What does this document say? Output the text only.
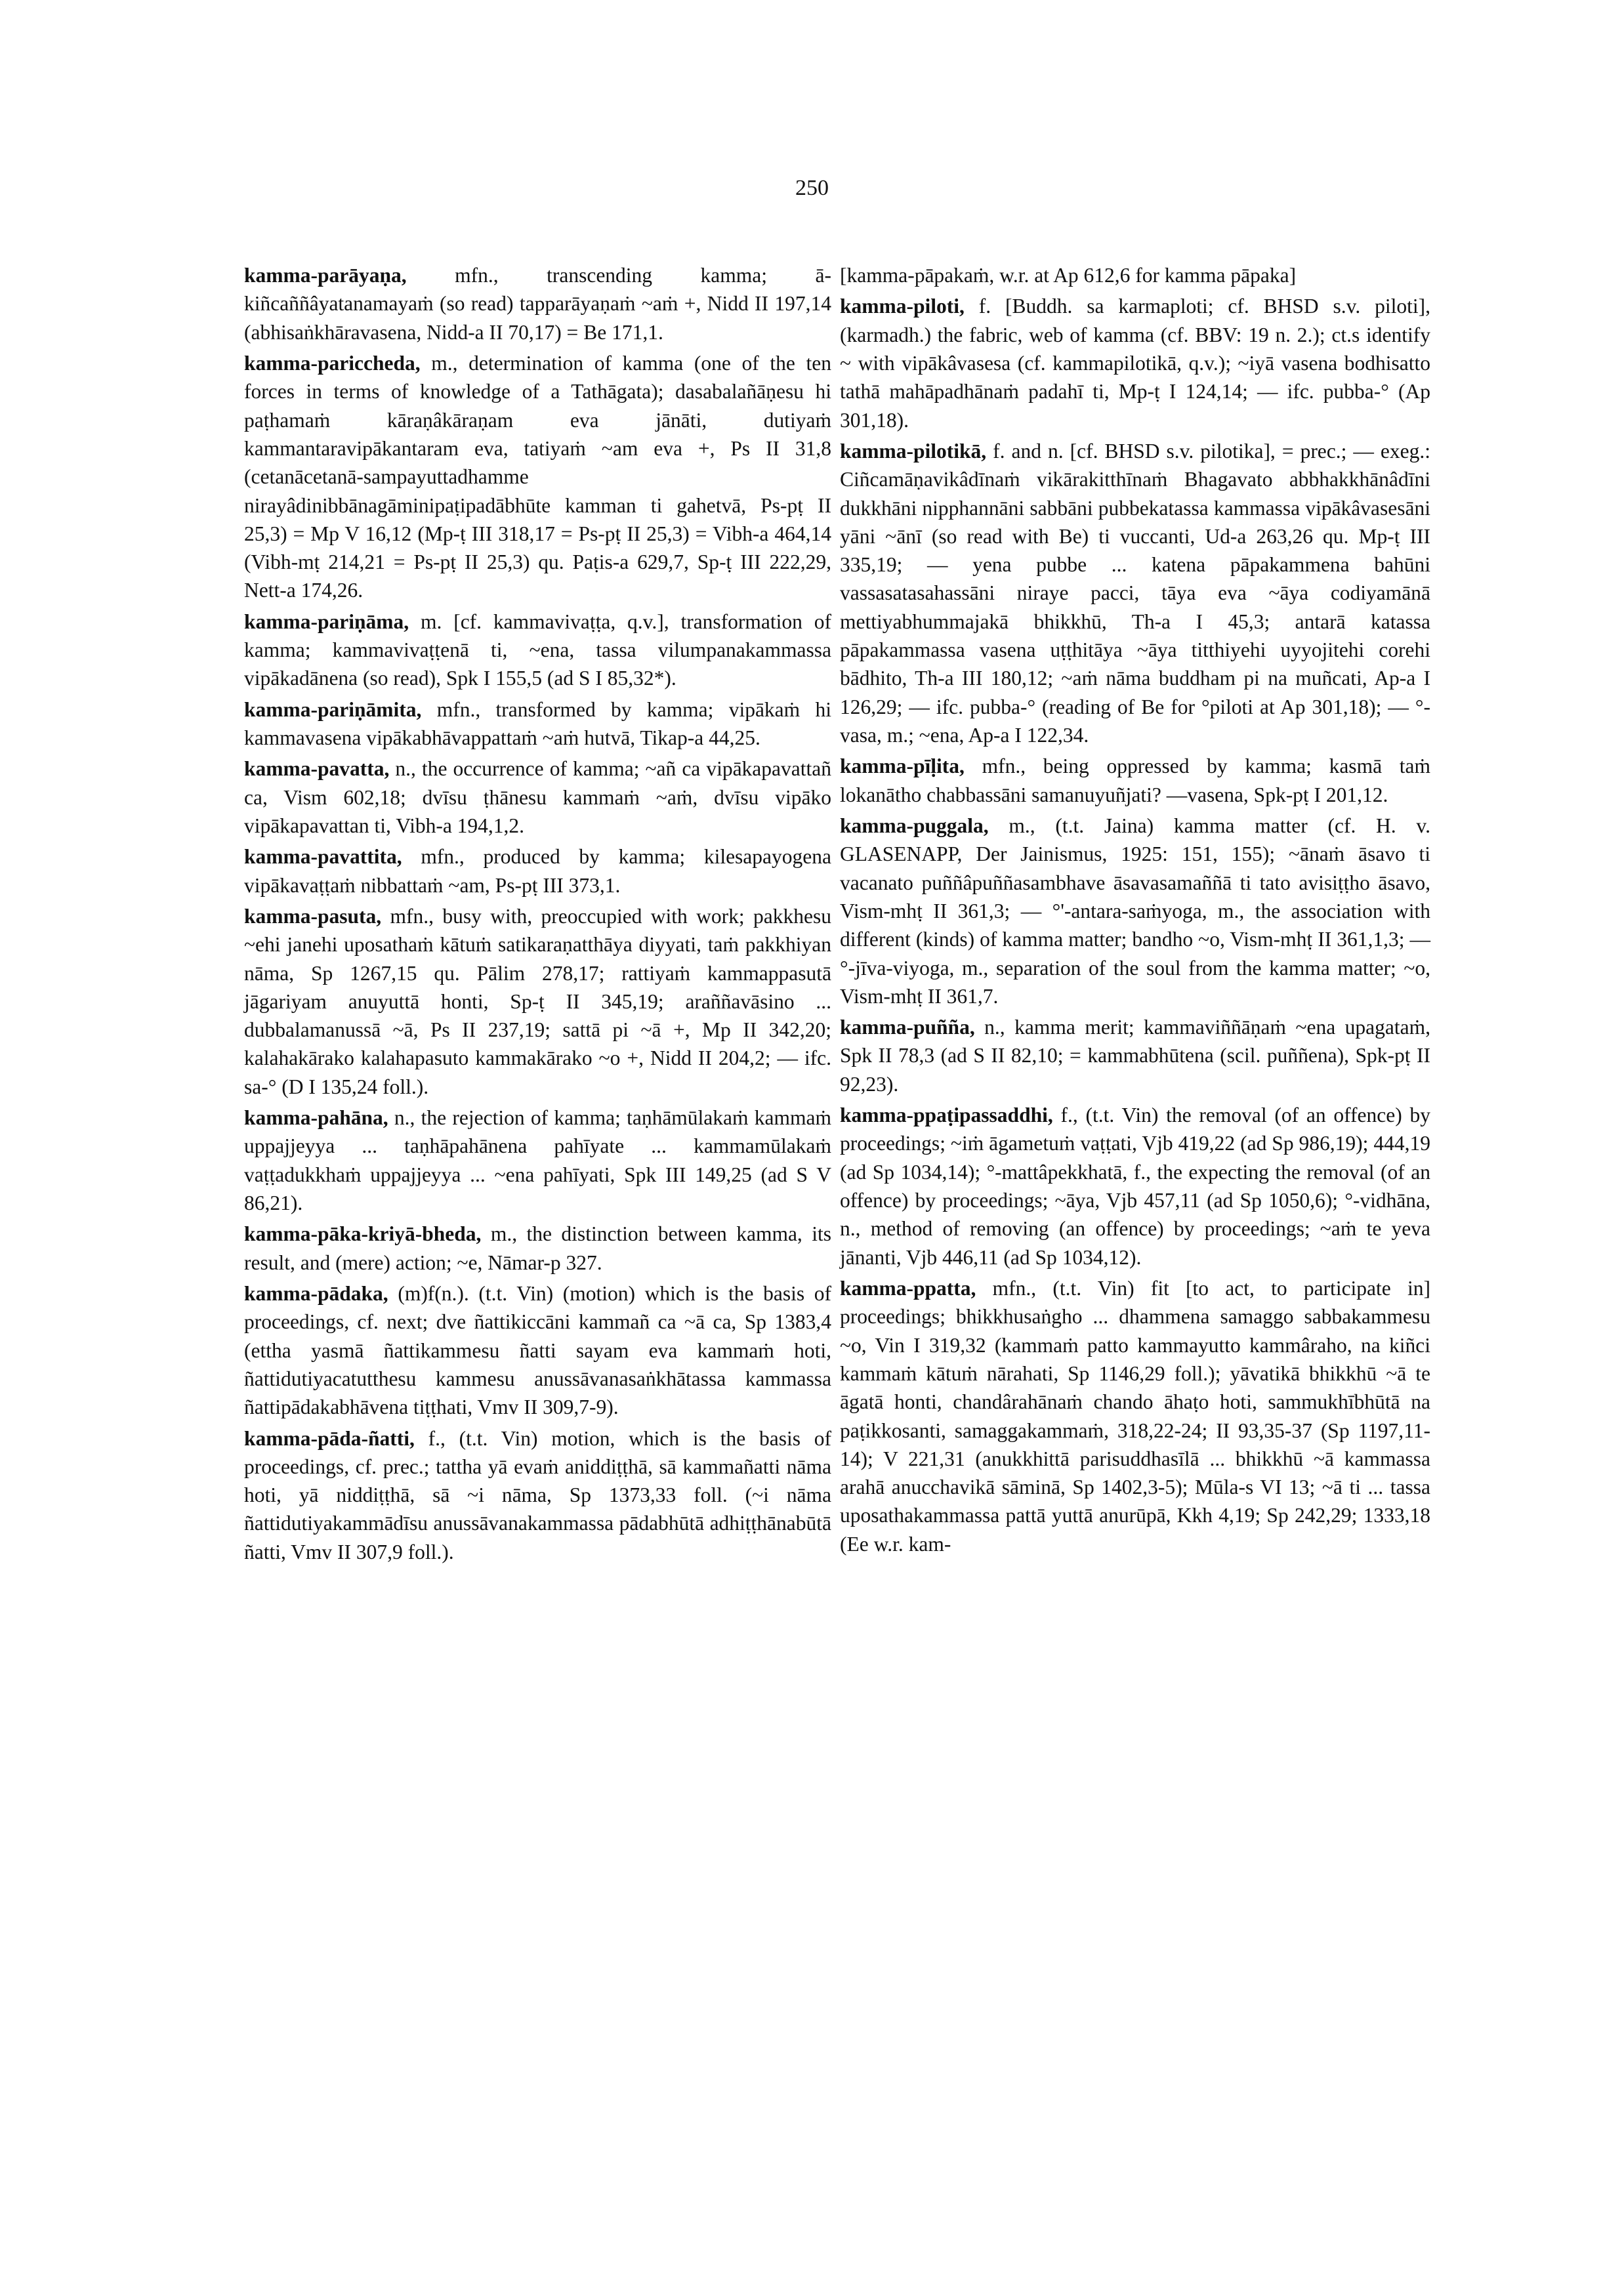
250

kamma-parāyaṇa, mfn., transcending kamma; ā-kiñcaññâyatanamayaṁ (so read) tapparāyaṇaṁ ~aṁ +, Nidd II 197,14 (abhisaṅkhāravasena, Nidd-a II 70,17) = Be 171,1.

kamma-pariccheda, m., determination of kamma (one of the ten forces in terms of knowledge of a Tathāgata); dasabalañāṇesu hi paṭhamaṁ kāraṇâkāraṇam eva jānāti, dutiyaṁ kammantaravipākantaram eva, tatiyaṁ ~am eva +, Ps II 31,8 (cetanācetanā-sampayuttadhamme nirayâdinibbānagāminipaṭipadābhūte kamman ti gahetvā, Ps-pṭ II 25,3) = Mp V 16,12 (Mp-ṭ III 318,17 = Ps-pṭ II 25,3) = Vibh-a 464,14 (Vibh-mṭ 214,21 = Ps-pṭ II 25,3) qu. Paṭis-a 629,7, Sp-ṭ III 222,29, Nett-a 174,26.

kamma-pariṇāma, m. [cf. kammavivaṭṭa, q.v.], transformation of kamma; kammavivaṭṭenā ti, ~ena, tassa vilumpanakammassa vipākadānena (so read), Spk I 155,5 (ad S I 85,32*).

kamma-pariṇāmita, mfn., transformed by kamma; vipākaṁ hi kammavasena vipākabhāvappattaṁ ~aṁ hutvā, Tikap-a 44,25.

kamma-pavatta, n., the occurrence of kamma; ~añ ca vipākapavattañ ca, Vism 602,18; dvīsu ṭhānesu kammaṁ ~aṁ, dvīsu vipāko vipākapavattan ti, Vibh-a 194,1,2.

kamma-pavattita, mfn., produced by kamma; kilesapayogena vipākavaṭṭaṁ nibbattaṁ ~am, Ps-pṭ III 373,1.

kamma-pasuta, mfn., busy with, preoccupied with work; pakkhesu ~ehi janehi uposathaṁ kātuṁ satikaraṇatthāya diyyati, taṁ pakkhiyan nāma, Sp 1267,15 qu. Pālim 278,17; rattiyaṁ kammappasutā jāgariyam anuyuttā honti, Sp-ṭ II 345,19; araññavāsino ... dubbalamanussā ~ā, Ps II 237,19; sattā pi ~ā +, Mp II 342,20; kalahakārako kalahapasuto kammakārako ~o +, Nidd II 204,2; — ifc. sa-° (D I 135,24 foll.).

kamma-pahāna, n., the rejection of kamma; taṇhāmūlakaṁ kammaṁ uppajjeyya ... taṇhāpahānena pahīyate ... kammamūlakaṁ vaṭṭadukkhaṁ uppajjeyya ... ~ena pahīyati, Spk III 149,25 (ad S V 86,21).

kamma-pāka-kriyā-bheda, m., the distinction between kamma, its result, and (mere) action; ~e, Nāmar-p 327.

kamma-pādaka, (m)f(n.). (t.t. Vin) (motion) which is the basis of proceedings, cf. next; dve ñattikiccāni kammañ ca ~ā ca, Sp 1383,4 (ettha yasmā ñattikammesu ñatti sayam eva kammaṁ hoti, ñattidutiyacatutthesu kammesu anussāvanasaṅkhātassa kammassa ñattipādakabhāvena tiṭṭhati, Vmv II 309,7-9).

kamma-pāda-ñatti, f., (t.t. Vin) motion, which is the basis of proceedings, cf. prec.; tattha yā evaṁ aniddiṭṭhā, sā kammañatti nāma hoti, yā niddiṭṭhā, sā ~i nāma, Sp 1373,33 foll. (~i nāma ñattidutiyakammādīsu anussāvanakammassa pādabhūtā adhiṭṭhānabūtā ñatti, Vmv II 307,9 foll.).

[kamma-pāpakaṁ, w.r. at Ap 612,6 for kamma pāpaka]

kamma-piloti, f. [Buddh. sa karmaploti; cf. BHSD s.v. piloti], (karmadh.) the fabric, web of kamma (cf. BBV: 19 n. 2.); ct.s identify ~ with vipākâvasesa (cf. kammapilotikā, q.v.); ~iyā vasena bodhisatto tathā mahāpadhānaṁ padahī ti, Mp-ṭ I 124,14; — ifc. pubba-° (Ap 301,18).

kamma-pilotikā, f. and n. [cf. BHSD s.v. pilotika], = prec.; — exeg.: Ciñcamāṇavikâdīnaṁ vikārakitthīnaṁ Bhagavato abbhakkhānâdīni dukkhāni nipphannāni sabbāni pubbekatassa kammassa vipākâvasesāni yāni ~ānī (so read with Be) ti vuccanti, Ud-a 263,26 qu. Mp-ṭ III 335,19; — yena pubbe ... katena pāpakammena bahūni vassasatasahassāni niraye pacci, tāya eva ~āya codiyamānā mettiyabhummajakā bhikkhū, Th-a I 45,3; antarā katassa pāpakammassa vasena uṭṭhitāya ~āya titthiyehi uyyojitehi corehi bādhito, Th-a III 180,12; ~aṁ nāma buddham pi na muñcati, Ap-a I 126,29; — ifc. pubba-° (reading of Be for °piloti at Ap 301,18); — °-vasa, m.; ~ena, Ap-a I 122,34.

kamma-pīḷita, mfn., being oppressed by kamma; kasmā taṁ lokanātho chabbassāni samanuyuñjati? —vasena, Spk-pṭ I 201,12.

kamma-puggala, m., (t.t. Jaina) kamma matter (cf. H. v. GLASENAPP, Der Jainismus, 1925: 151, 155); ~ānaṁ āsavo ti vacanato puññâpuññasambhave āsavasamaññā ti tato avisiṭṭho āsavo, Vism-mhṭ II 361,3; — °'-antara-saṁyoga, m., the association with different (kinds) of kamma matter; bandho ~o, Vism-mhṭ II 361,1,3; — °-jīva-viyoga, m., separation of the soul from the kamma matter; ~o, Vism-mhṭ II 361,7.

kamma-puñña, n., kamma merit; kammaviññāṇaṁ ~ena upagataṁ, Spk II 78,3 (ad S II 82,10; = kammabhūtena (scil. puññena), Spk-pṭ II 92,23).

kamma-ppaṭipassaddhi, f., (t.t. Vin) the removal (of an offence) by proceedings; ~iṁ āgametuṁ vaṭṭati, Vjb 419,22 (ad Sp 986,19); 444,19 (ad Sp 1034,14); °-mattâpekkhatā, f., the expecting the removal (of an offence) by proceedings; ~āya, Vjb 457,11 (ad Sp 1050,6); °-vidhāna, n., method of removing (an offence) by proceedings; ~aṁ te yeva jānanti, Vjb 446,11 (ad Sp 1034,12).

kamma-ppatta, mfn., (t.t. Vin) fit [to act, to participate in] proceedings; bhikkhusaṅgho ... dhammena samaggo sabbakammesu ~o, Vin I 319,32 (kammaṁ patto kammayutto kammâraho, na kiñci kammaṁ kātuṁ nārahati, Sp 1146,29 foll.); yāvatikā bhikkhū ~ā te āgatā honti, chandârahānaṁ chando āhaṭo hoti, sammukhībhūtā na paṭikkosanti, samaggakammaṁ, 318,22-24; II 93,35-37 (Sp 1197,11-14); V 221,31 (anukkhittā parisuddhasīlā ... bhikkhū ~ā kammassa arahā anucchavikā sāminā, Sp 1402,3-5); Mūla-s VI 13; ~ā ti ... tassa uposathakammassa pattā yuttā anurūpā, Kkh 4,19; Sp 242,29; 1333,18 (Ee w.r. kam-
